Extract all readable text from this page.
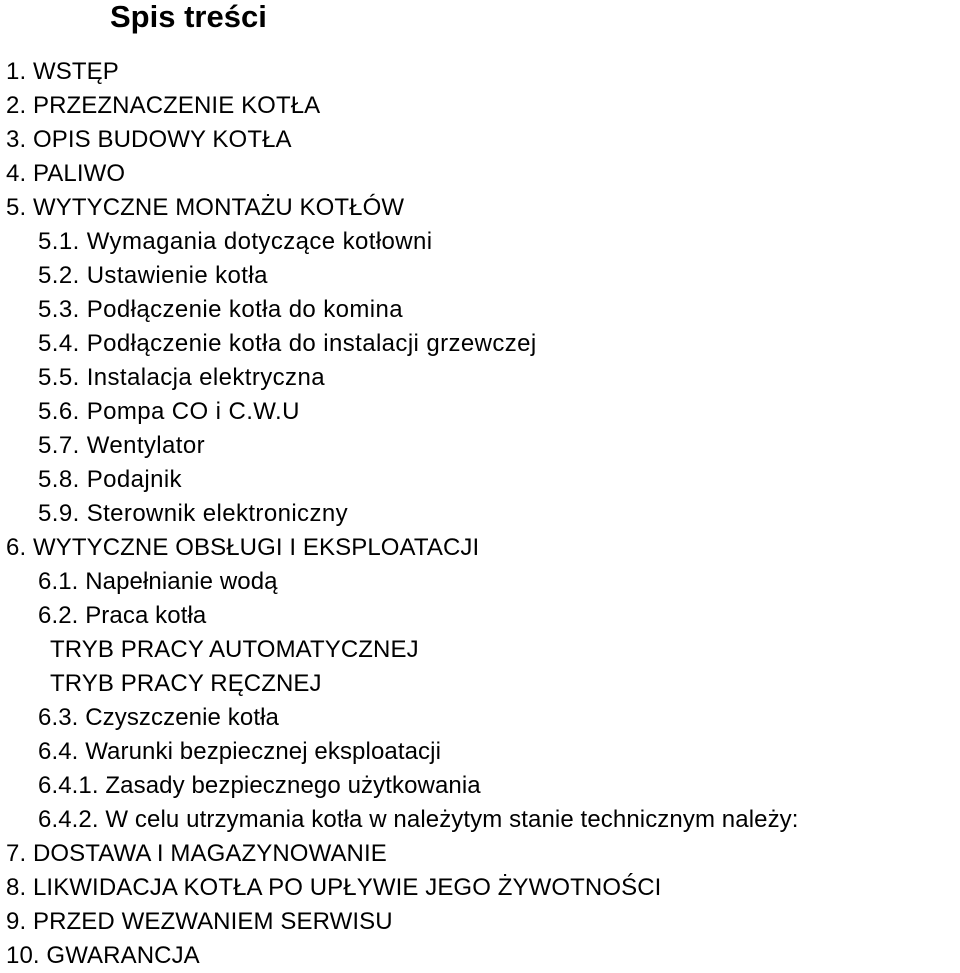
Spis treści
1. WSTĘP
2. PRZEZNACZENIE KOTŁA
3. OPIS BUDOWY KOTŁA
4. PALIWO
5. WYTYCZNE MONTAŻU KOTŁÓW
5.1. Wymagania dotyczące kotłowni
5.2. Ustawienie kotła
5.3. Podłączenie kotła do komina
5.4. Podłączenie kotła do instalacji grzewczej
5.5. Instalacja elektryczna
5.6. Pompa CO i C.W.U
5.7. Wentylator
5.8. Podajnik
5.9. Sterownik elektroniczny
6. WYTYCZNE OBSŁUGI I EKSPLOATACJI
6.1. Napełnianie wodą
6.2. Praca kotła
TRYB PRACY AUTOMATYCZNEJ
TRYB PRACY RĘCZNEJ
6.3. Czyszczenie kotła
6.4. Warunki bezpiecznej eksploatacji
6.4.1. Zasady bezpiecznego użytkowania
6.4.2. W celu utrzymania kotła w należytym stanie technicznym należy:
7. DOSTAWA I MAGAZYNOWANIE
8. LIKWIDACJA KOTŁA PO UPŁYWIE JEGO ŻYWOTNOŚCI
9. PRZED WEZWANIEM SERWISU
10. GWARANCJA
